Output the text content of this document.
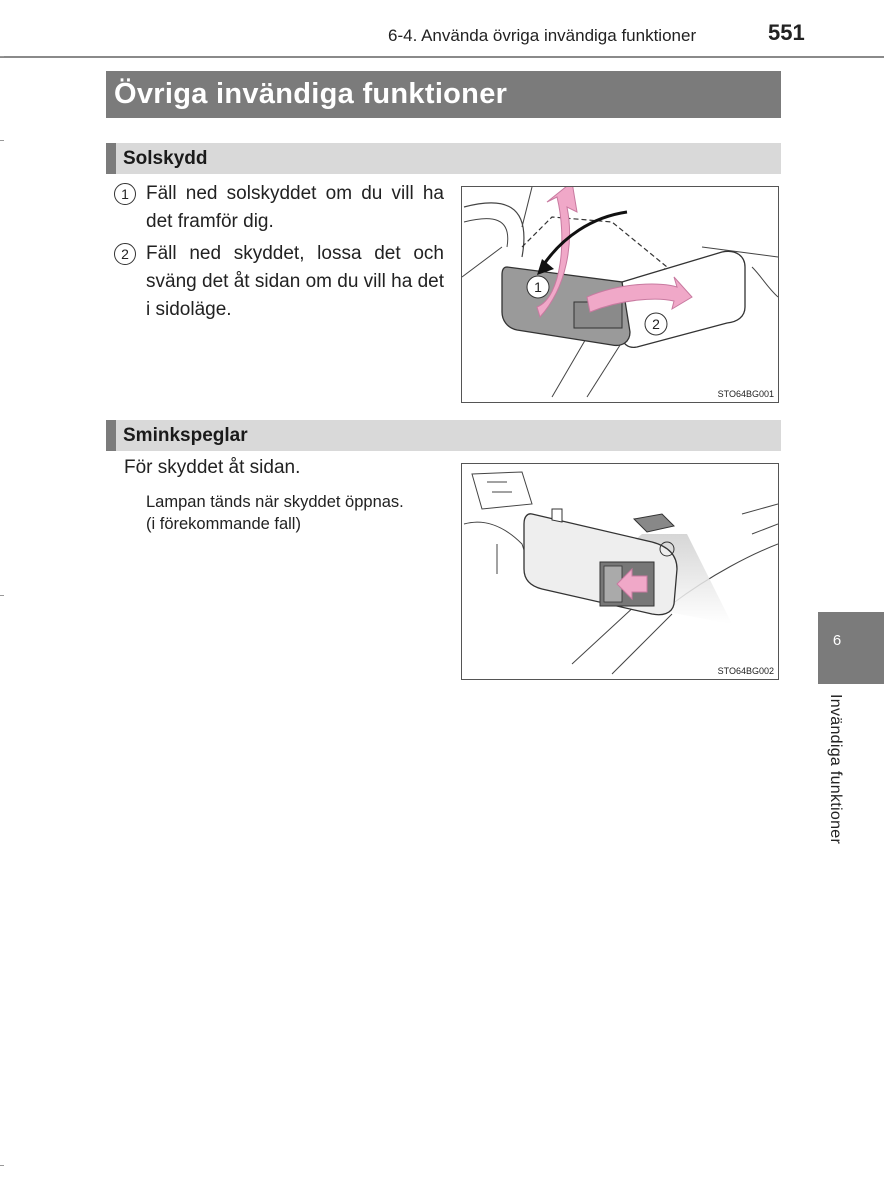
6-4. Använda övriga invändiga funktioner	551
Övriga invändiga funktioner
Solskydd
1 Fäll ned solskyddet om du vill ha det framför dig.
2 Fäll ned skyddet, lossa det och sväng det åt sidan om du vill ha det i sidoläge.
1
2
STO64BG001
Sminkspeglar
För skyddet åt sidan.
Lampan tänds när skyddet öppnas.
(i förekommande fall)
STO64BG002
6
Invändiga funktioner
